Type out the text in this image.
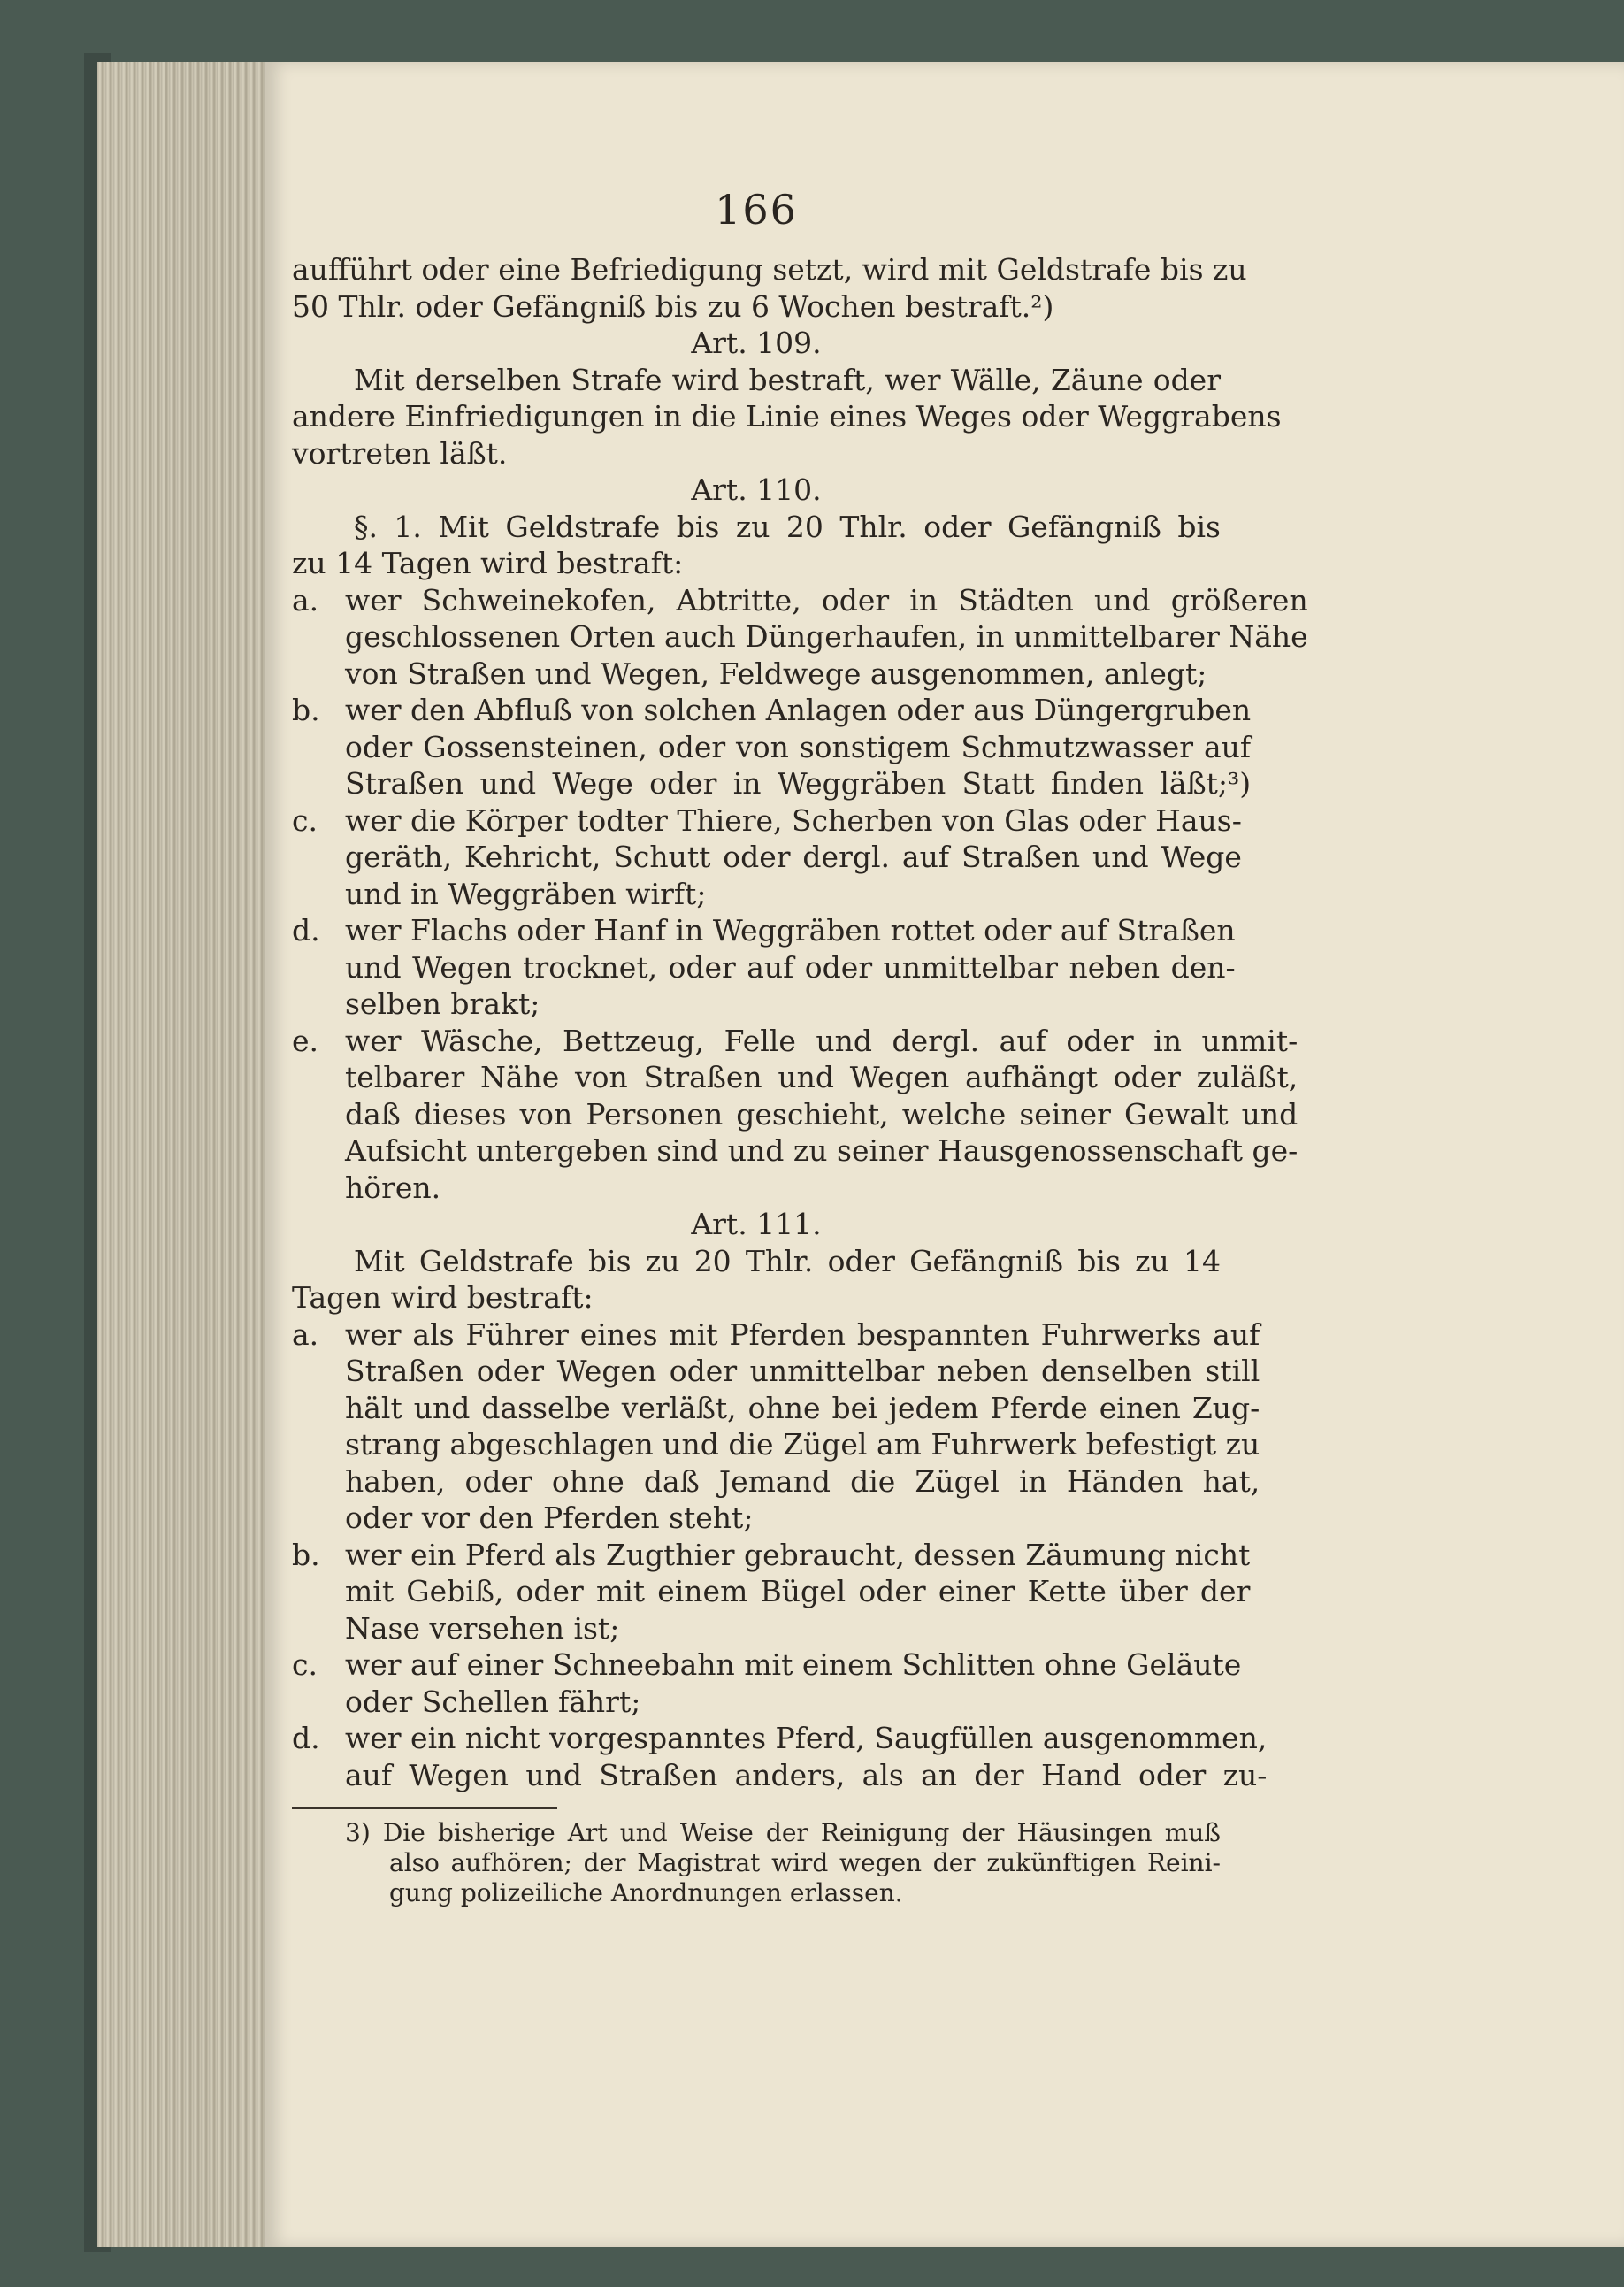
166
aufführt oder eine Befriedigung setzt, wird mit Geldstrafe bis zu
50 Thlr. oder Gefängniß bis zu 6 Wochen bestraft.²)
Art. 109.
Mit derselben Strafe wird bestraft, wer Wälle, Zäune oder
andere Einfriedigungen in die Linie eines Weges oder Weggrabens
vortreten läßt.
Art. 110.
§. 1. Mit Geldstrafe bis zu 20 Thlr. oder Gefängniß bis
zu 14 Tagen wird bestraft:
a. wer Schweinekofen, Abtritte, oder in Städten und größeren
geschlossenen Orten auch Düngerhaufen, in unmittelbarer Nähe
von Straßen und Wegen, Feldwege ausgenommen, anlegt;
b. wer den Abfluß von solchen Anlagen oder aus Düngergruben
oder Gossensteinen, oder von sonstigem Schmutzwasser auf
Straßen und Wege oder in Weggräben Statt finden läßt;³)
c. wer die Körper todter Thiere, Scherben von Glas oder Haus-
geräth, Kehricht, Schutt oder dergl. auf Straßen und Wege
und in Weggräben wirft;
d. wer Flachs oder Hanf in Weggräben rottet oder auf Straßen
und Wegen trocknet, oder auf oder unmittelbar neben den-
selben brakt;
e. wer Wäsche, Bettzeug, Felle und dergl. auf oder in unmit-
telbarer Nähe von Straßen und Wegen aufhängt oder zuläßt,
daß dieses von Personen geschieht, welche seiner Gewalt und
Aufsicht untergeben sind und zu seiner Hausgenossenschaft ge-
hören.
Art. 111.
Mit Geldstrafe bis zu 20 Thlr. oder Gefängniß bis zu 14
Tagen wird bestraft:
a. wer als Führer eines mit Pferden bespannten Fuhrwerks auf
Straßen oder Wegen oder unmittelbar neben denselben still
hält und dasselbe verläßt, ohne bei jedem Pferde einen Zug-
strang abgeschlagen und die Zügel am Fuhrwerk befestigt zu
haben, oder ohne daß Jemand die Zügel in Händen hat,
oder vor den Pferden steht;
b. wer ein Pferd als Zugthier gebraucht, dessen Zäumung nicht
mit Gebiß, oder mit einem Bügel oder einer Kette über der
Nase versehen ist;
c. wer auf einer Schneebahn mit einem Schlitten ohne Geläute
oder Schellen fährt;
d. wer ein nicht vorgespanntes Pferd, Saugfüllen ausgenommen,
auf Wegen und Straßen anders, als an der Hand oder zu-
3) Die bisherige Art und Weise der Reinigung der Häusingen muß
also aufhören; der Magistrat wird wegen der zukünftigen Reini-
gung polizeiliche Anordnungen erlassen.
